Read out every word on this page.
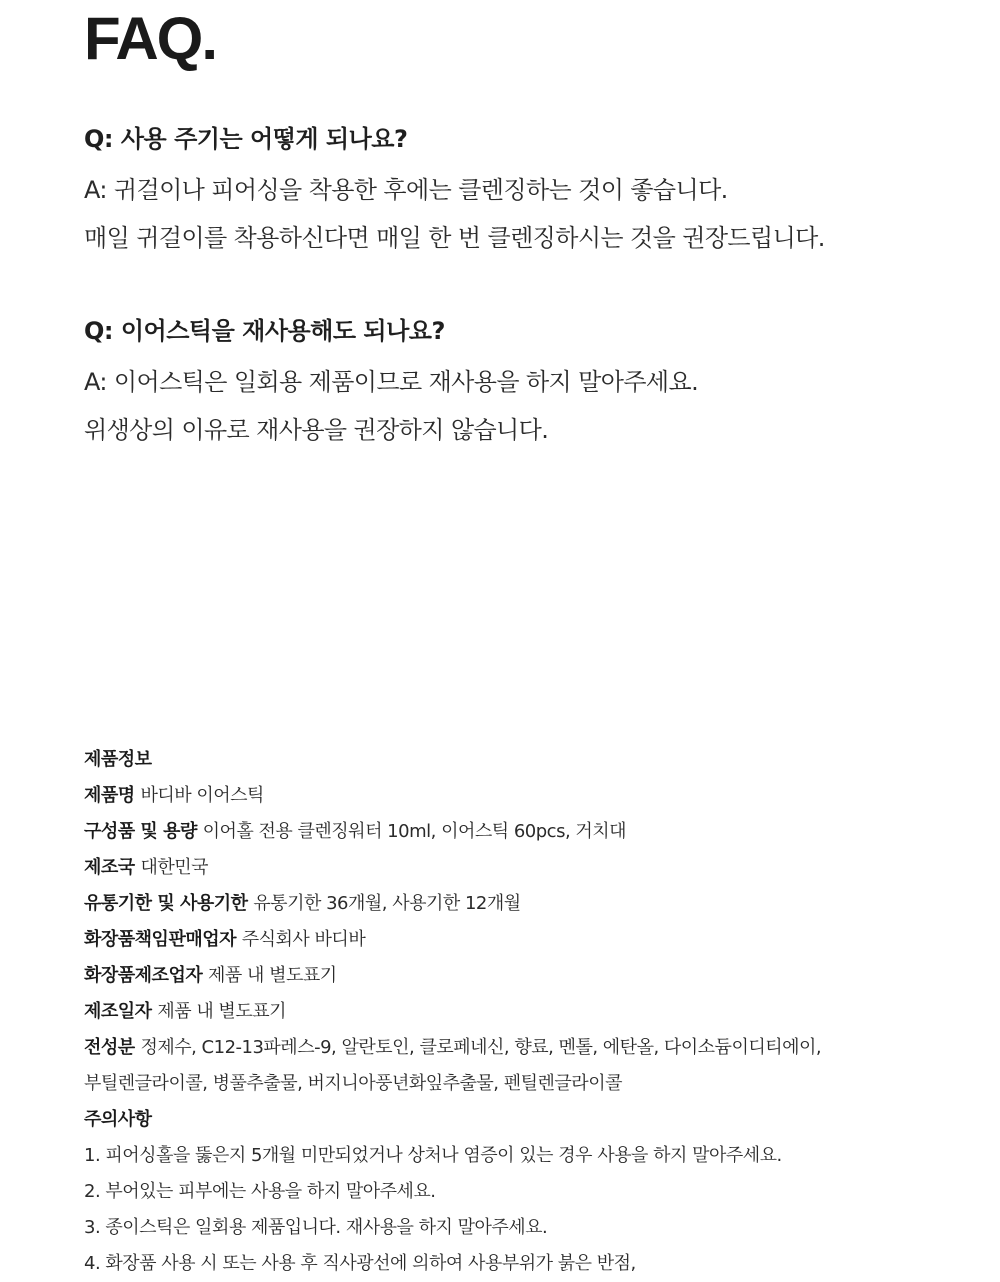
FAQ.

Q: 사용 주기는 어떻게 되나요?

A: 귀걸이나 피어싱을 착용한 후에는 클렌징하는 것이 좋습니다.

매일 귀걸이를 착용하신다면 매일 한 번 클렌징하시는 것을 권장드립니다.

Q: 이어스틱을 재사용해도 되나요?

A: 이어스틱은 일회용 제품이므로 재사용을 하지 말아주세요.

위생상의 이유로 재사용을 권장하지 않습니다.

제품정보
제품명 바디바 이어스틱
구성품 및 용량 이어홀 전용 클렌징워터 10ml, 이어스틱 60pcs, 거치대
제조국 대한민국
유통기한 및 사용기한 유통기한 36개월, 사용기한 12개월
화장품책임판매업자 주식회사 바디바
화장품제조업자 제품 내 별도표기
제조일자 제품 내 별도표기
전성분 정제수, C12-13파레스-9, 알란토인, 클로페네신, 향료, 멘톨, 에탄올, 다이소듐이디티에이,
부틸렌글라이콜, 병풀추출물, 버지니아풍년화잎추출물, 펜틸렌글라이콜
주의사항
1. 피어싱홀을 뚫은지 5개월 미만되었거나 상처나 염증이 있는 경우 사용을 하지 말아주세요.
2. 부어있는 피부에는 사용을 하지 말아주세요.
3. 종이스틱은 일회용 제품입니다. 재사용을 하지 말아주세요.
4. 화장품 사용 시 또는 사용 후 직사광선에 의하여 사용부위가 붉은 반점,
